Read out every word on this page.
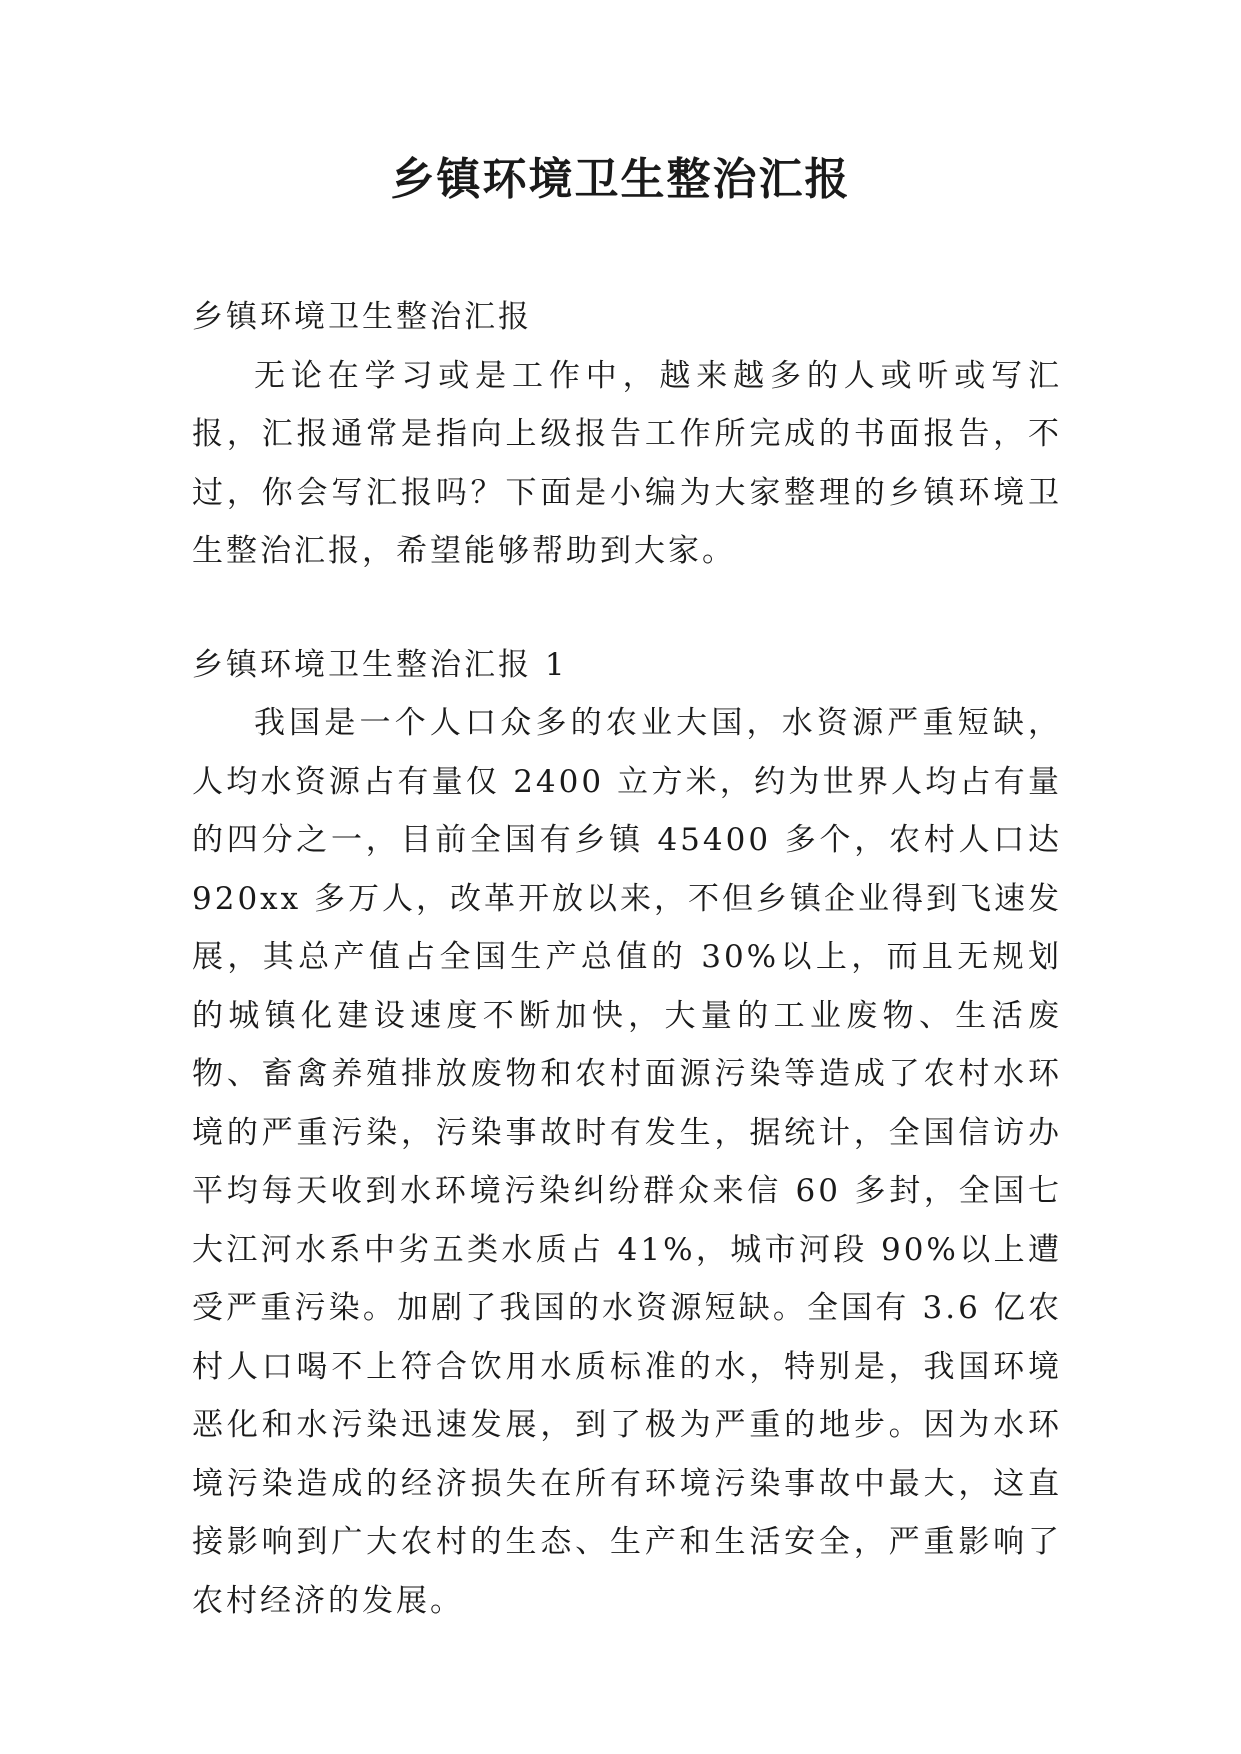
乡镇环境卫生整治汇报

乡镇环境卫生整治汇报

无论在学习或是工作中，越来越多的人或听或写汇报，汇报通常是指向上级报告工作所完成的书面报告，不过，你会写汇报吗？下面是小编为大家整理的乡镇环境卫生整治汇报，希望能够帮助到大家。

乡镇环境卫生整治汇报 1

我国是一个人口众多的农业大国，水资源严重短缺，人均水资源占有量仅 2400 立方米，约为世界人均占有量的四分之一，目前全国有乡镇 45400 多个，农村人口达 920xx 多万人，改革开放以来，不但乡镇企业得到飞速发展，其总产值占全国生产总值的 30%以上，而且无规划的城镇化建设速度不断加快，大量的工业废物、生活废物、畜禽养殖排放废物和农村面源污染等造成了农村水环境的严重污染，污染事故时有发生，据统计，全国信访办平均每天收到水环境污染纠纷群众来信 60 多封，全国七大江河水系中劣五类水质占 41%，城市河段 90%以上遭受严重污染。加剧了我国的水资源短缺。全国有 3.6 亿农村人口喝不上符合饮用水质标准的水，特别是，我国环境恶化和水污染迅速发展，到了极为严重的地步。因为水环境污染造成的经济损失在所有环境污染事故中最大，这直接影响到广大农村的生态、生产和生活安全，严重影响了农村经济的发展。
